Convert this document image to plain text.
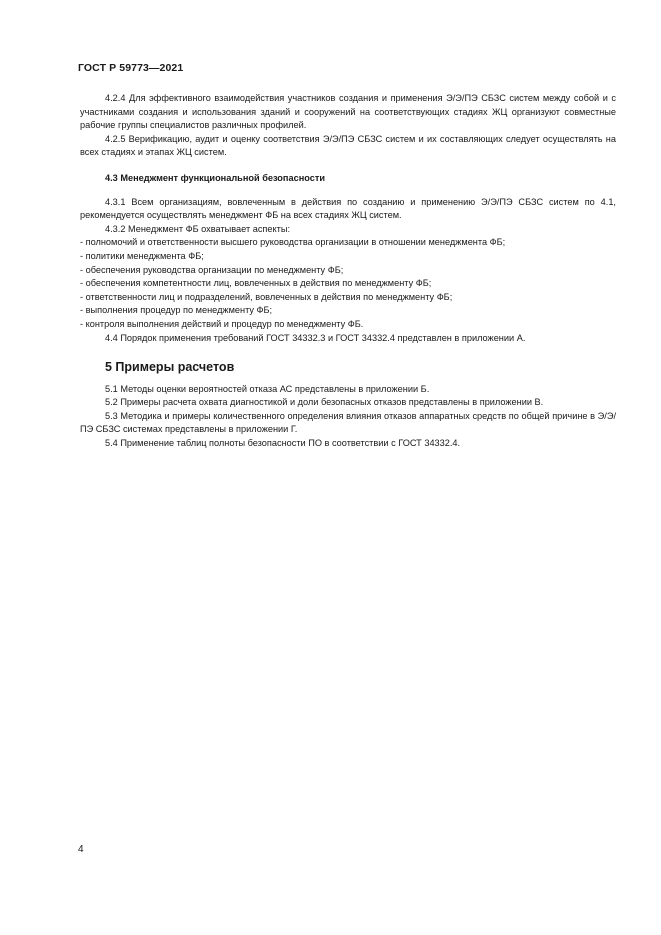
ГОСТ Р 59773—2021

4.2.4 Для эффективного взаимодействия участников создания и применения Э/Э/ПЭ СБЗС систем между собой и с участниками создания и использования зданий и сооружений на соответствующих стадиях ЖЦ организуют совместные рабочие группы специалистов различных профилей.

4.2.5 Верификацию, аудит и оценку соответствия Э/Э/ПЭ СБЗС систем и их составляющих следует осуществлять на всех стадиях и этапах ЖЦ систем.

4.3 Менеджмент функциональной безопасности

4.3.1 Всем организациям, вовлеченным в действия по созданию и применению Э/Э/ПЭ СБЗС систем по 4.1, рекомендуется осуществлять менеджмент ФБ на всех стадиях ЖЦ систем.

4.3.2 Менеджмент ФБ охватывает аспекты:

- полномочий и ответственности высшего руководства организации в отношении менеджмента ФБ;

- политики менеджмента ФБ;

- обеспечения руководства организации по менеджменту ФБ;

- обеспечения компетентности лиц, вовлеченных в действия по менеджменту ФБ;

- ответственности лиц и подразделений, вовлеченных в действия по менеджменту ФБ;

- выполнения процедур по менеджменту ФБ;

- контроля выполнения действий и процедур по менеджменту ФБ.

4.4 Порядок применения требований ГОСТ 34332.3 и ГОСТ 34332.4 представлен в приложении А.

5 Примеры расчетов

5.1 Методы оценки вероятностей отказа АС представлены в приложении Б.

5.2 Примеры расчета охвата диагностикой и доли безопасных отказов представлены в приложении В.

5.3 Методика и примеры количественного определения влияния отказов аппаратных средств по общей причине в Э/Э/ПЭ СБЗС системах представлены в приложении Г.

5.4 Применение таблиц полноты безопасности ПО в соответствии с ГОСТ 34332.4.

4
